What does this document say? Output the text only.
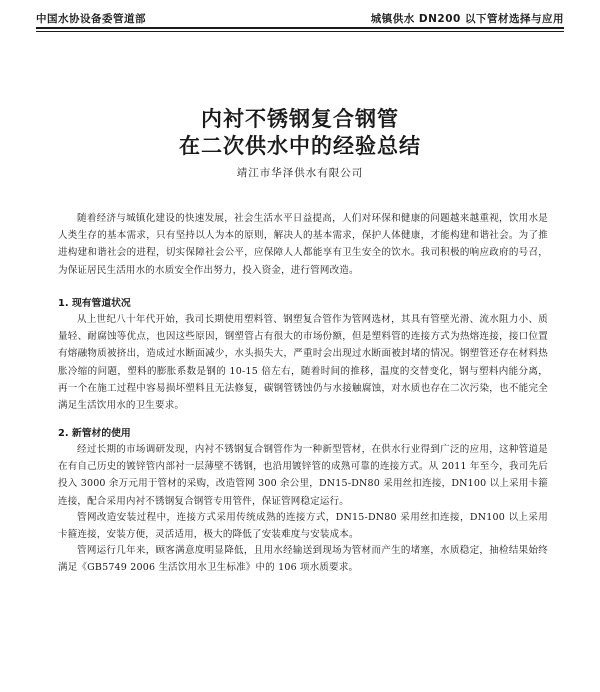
中国水协设备委管道部	城镇供水 DN200 以下管材选择与应用
内衬不锈钢复合钢管
在二次供水中的经验总结
靖江市华泽供水有限公司

随着经济与城镇化建设的快速发展，社会生活水平日益提高，人们对环保和健康的问题越来越重视，饮用水是人类生存的基本需求，只有坚持以人为本的原则，解决人的基本需求，保护人体健康，才能构建和谐社会。为了推进构建和谐社会的进程，切实保障社会公平，应保障人人都能享有卫生安全的饮水。我司积极的响应政府的号召，为保证居民生活用水的水质安全作出努力，投入资金，进行管网改造。

1. 现有管道状况

从上世纪八十年代开始，我司长期使用塑料管、钢塑复合管作为管网选材，其具有管壁光滑、流水阻力小、质量轻、耐腐蚀等优点，也因这些原因，钢塑管占有很大的市场份额，但是塑料管的连接方式为热熔连接，接口位置有熔融物质被挤出，造成过水断面减少，水头损失大，严重时会出现过水断面被封堵的情况。钢塑管还存在材料热胀冷缩的问题，塑料的膨胀系数是钢的 10-15 倍左右，随着时间的推移，温度的交替变化，钢与塑料内能分离，再一个在施工过程中容易损坏塑料且无法修复，碳钢管锈蚀仍与水接触腐蚀，对水质也存在二次污染，也不能完全满足生活饮用水的卫生要求。

2. 新管材的使用

经过长期的市场调研发现，内衬不锈钢复合钢管作为一种新型管材，在供水行业得到广泛的应用，这种管道是在有自己历史的镀锌管内部衬一层薄壁不锈钢，也沿用镀锌管的成熟可靠的连接方式。从 2011 年至今，我司先后投入 3000 余万元用于管材的采购，改造管网 300 余公里，DN15-DN80 采用丝扣连接，DN100 以上采用卡箍连接，配合采用内衬不锈钢复合钢管专用管件，保证管网稳定运行。

管网改造安装过程中，连接方式采用传统成熟的连接方式，DN15-DN80 采用丝扣连接，DN100 以上采用卡箍连接，安装方便，灵活适用，极大的降低了安装难度与安装成本。

管网运行几年来，顾客满意度明显降低，且用水经输送到现场为管材而产生的堵塞，水质稳定，抽检结果始终满足《GB5749 2006 生活饮用水卫生标准》中的 106 项水质要求。
